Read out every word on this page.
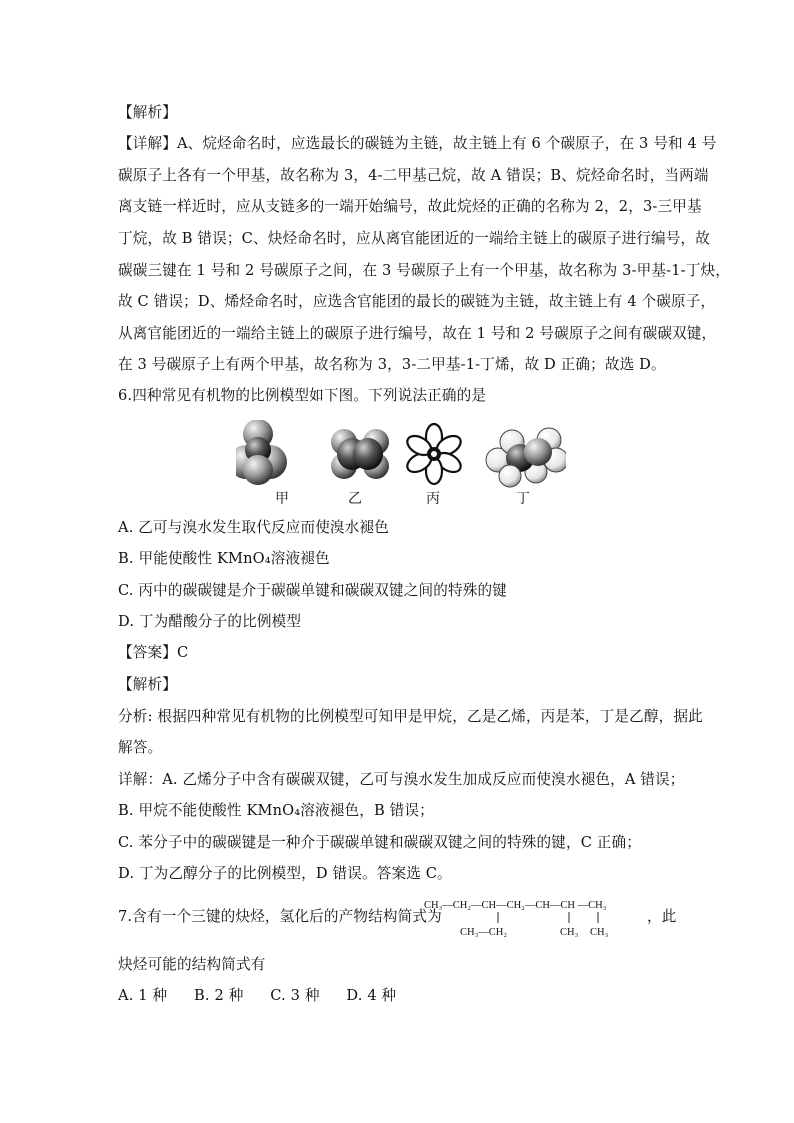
【解析】
【详解】A、烷烃命名时，应选最长的碳链为主链，故主链上有 6 个碳原子，在 3 号和 4 号
碳原子上各有一个甲基，故名称为 3，4-二甲基己烷，故 A 错误；B、烷烃命名时，当两端
离支链一样近时，应从支链多的一端开始编号，故此烷烃的正确的名称为 2，2，3-三甲基
丁烷，故 B 错误；C、炔烃命名时，应从离官能团近的一端给主链上的碳原子进行编号，故
碳碳三键在 1 号和 2 号碳原子之间，在 3 号碳原子上有一个甲基，故名称为 3-甲基-1-丁炔，
故 C 错误；D、烯烃命名时，应选含官能团的最长的碳链为主链，故主链上有 4 个碳原子，
从离官能团近的一端给主链上的碳原子进行编号，故在 1 号和 2 号碳原子之间有碳碳双键，
在 3 号碳原子上有两个甲基，故名称为 3，3-二甲基-1-丁烯，故 D 正确；故选 D。
6.四种常见有机物的比例模型如下图。下列说法正确的是
甲	乙	丙	丁
A. 乙可与溴水发生取代反应而使溴水褪色
B. 甲能使酸性 KMnO₄溶液褪色
C. 丙中的碳碳键是介于碳碳单键和碳碳双键之间的特殊的键
D. 丁为醋酸分子的比例模型
【答案】C
【解析】
分析: 根据四种常见有机物的比例模型可知甲是甲烷，乙是乙烯，丙是苯，丁是乙醇，据此
解答。
详解：A. 乙烯分子中含有碳碳双键，乙可与溴水发生加成反应而使溴水褪色，A 错误；
B. 甲烷不能使酸性 KMnO₄溶液褪色，B 错误；
C. 苯分子中的碳碳键是一种介于碳碳单键和碳碳双键之间的特殊的键，C 正确；
D. 丁为乙醇分子的比例模型，D 错误。答案选 C。
7.含有一个三键的炔烃，氢化后的产物结构简式为
CH₃—CH₂—CH—CH₂—CH—CH —CH₃
CH₃—CH₂	CH₃ CH₃
，此
炔烃可能的结构简式有
A. 1 种 B. 2 种 C. 3 种 D. 4 种
